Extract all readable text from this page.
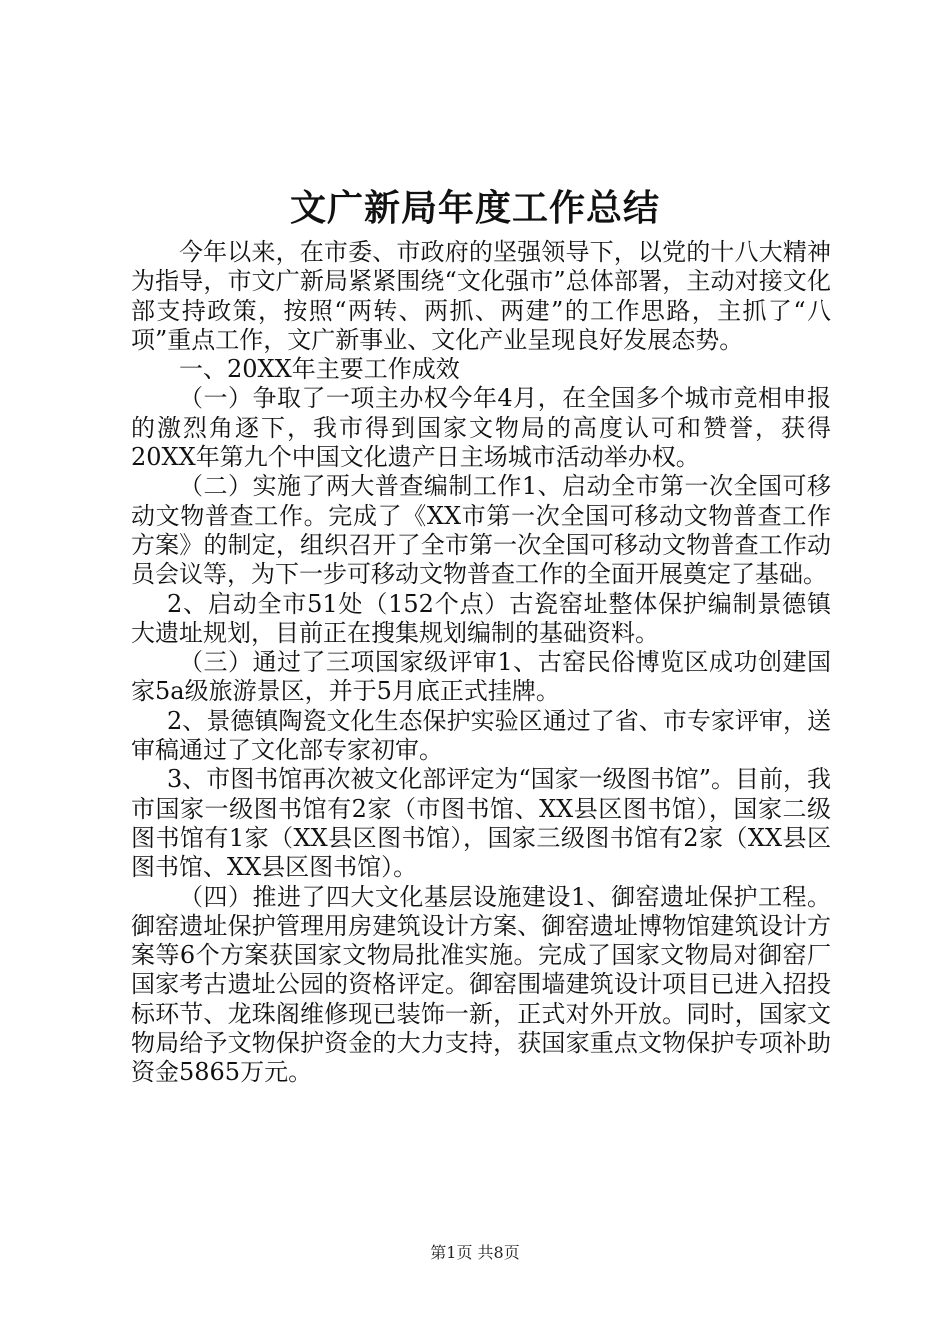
文广新局年度工作总结

今年以来，在市委、市政府的坚强领导下，以党的十八大精神为指导，市文广新局紧紧围绕“文化强市”总体部署，主动对接文化部支持政策，按照“两转、两抓、两建”的工作思路，主抓了“八项”重点工作，文广新事业、文化产业呈现良好发展态势。

一、20XX年主要工作成效

（一）争取了一项主办权今年4月，在全国多个城市竞相申报的激烈角逐下，我市得到国家文物局的高度认可和赞誉，获得20XX年第九个中国文化遗产日主场城市活动举办权。

（二）实施了两大普查编制工作1、启动全市第一次全国可移动文物普查工作。完成了《XX市第一次全国可移动文物普查工作方案》的制定，组织召开了全市第一次全国可移动文物普查工作动员会议等，为下一步可移动文物普查工作的全面开展奠定了基础。

2、启动全市51处（152个点）古瓷窑址整体保护编制景德镇大遗址规划，目前正在搜集规划编制的基础资料。

（三）通过了三项国家级评审1、古窑民俗博览区成功创建国家5a级旅游景区，并于5月底正式挂牌。

2、景德镇陶瓷文化生态保护实验区通过了省、市专家评审，送审稿通过了文化部专家初审。

3、市图书馆再次被文化部评定为“国家一级图书馆”。目前，我市国家一级图书馆有2家（市图书馆、XX县区图书馆），国家二级图书馆有1家（XX县区图书馆），国家三级图书馆有2家（XX县区图书馆、XX县区图书馆）。

（四）推进了四大文化基层设施建设1、御窑遗址保护工程。御窑遗址保护管理用房建筑设计方案、御窑遗址博物馆建筑设计方案等6个方案获国家文物局批准实施。完成了国家文物局对御窑厂国家考古遗址公园的资格评定。御窑围墙建筑设计项目已进入招投标环节、龙珠阁维修现已装饰一新，正式对外开放。同时，国家文物局给予文物保护资金的大力支持，获国家重点文物保护专项补助资金5865万元。

第1页 共8页
